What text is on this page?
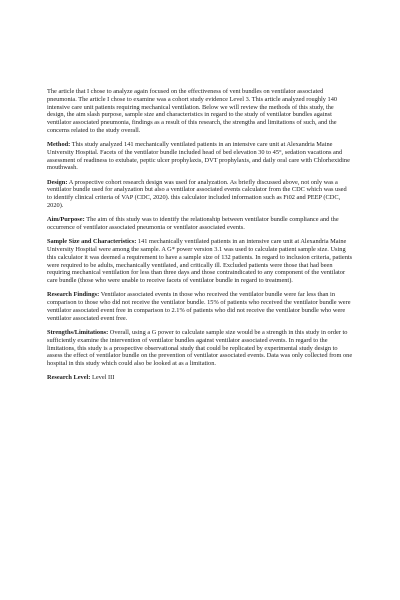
The article that I chose to analyze again focused on the effectiveness of vent bundles on ventilator associated pneumonia. The article I chose to examine was a cohort study evidence Level 3. This article analyzed roughly 140 intensive care unit patients requiring mechanical ventilation. Below we will review the methods of this study, the design, the aim slash purpose, sample size and characteristics in regard to the study of ventilator bundles against ventilator associated pneumonia, findings as a result of this research, the strengths and limitations of such, and the concerns related to the study overall.

Method: This study analyzed 141 mechanically ventilated patients in an intensive care unit at Alexandria Maine University Hospital. Facets of the ventilator bundle included head of bed elevation 30 to 45°, sedation vacations and assessment of readiness to extubate, peptic ulcer prophylaxis, DVT prophylaxis, and daily oral care with Chlorhexidine mouthwash.

Design: A prospective cohort research design was used for analyzation. As briefly discussed above, not only was a ventilator bundle used for analyzation but also a ventilator associated events calculator from the CDC which was used to identify clinical criteria of VAP (CDC, 2020). this calculator included information such as Fi02 and PEEP (CDC, 2020).

Aim/Purpose: The aim of this study was to identify the relationship between ventilator bundle compliance and the occurrence of ventilator associated pneumonia or ventilator associated events.

Sample Size and Characteristics: 141 mechanically ventilated patients in an intensive care unit at Alexandria Maine University Hospital were among the sample. A G* power version 3.1 was used to calculate patient sample size. Using this calculator it was deemed a requirement to have a sample size of 132 patients. In regard to inclusion criteria, patients were required to be adults, mechanically ventilated, and critically ill. Excluded patients were those that had been requiring mechanical ventilation for less than three days and those contraindicated to any component of the ventilator care bundle (those who were unable to receive facets of ventilator bundle in regard to treatment).

Research Findings: Ventilator associated events in those who received the ventilator bundle were far less than in comparison to those who did not receive the ventilator bundle. 15% of patients who received the ventilator bundle were ventilator associated event free in comparison to 2.1% of patients who did not receive the ventilator bundle who were ventilator associated event free.

Strengths/Limitations: Overall, using a G power to calculate sample size would be a strength in this study in order to sufficiently examine the intervention of ventilator bundles against ventilator associated events. In regard to the limitations, this study is a prospective observational study that could be replicated by experimental study design to assess the effect of ventilator bundle on the prevention of ventilator associated events. Data was only collected from one hospital in this study which could also be looked at as a limitation.

Research Level: Level III
